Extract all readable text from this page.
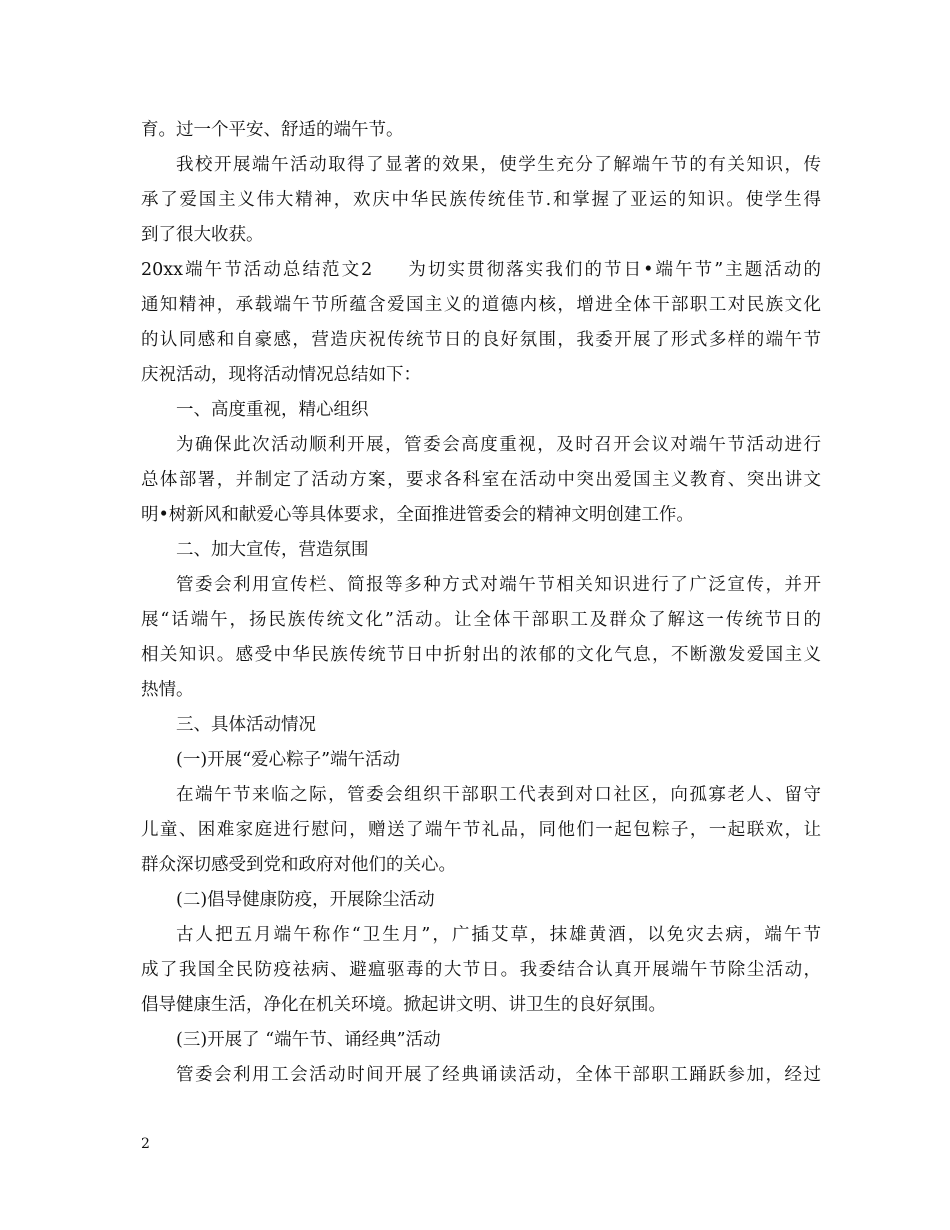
育。过一个平安、舒适的端午节。
我校开展端午活动取得了显著的效果，使学生充分了解端午节的有关知识，传
承了爱国主义伟大精神，欢庆中华民族传统佳节.和掌握了亚运的知识。使学生得
到了很大收获。
20xx端午节活动总结范文2 为切实贯彻落实我们的节日•端午节”主题活动的
通知精神，承载端午节所蕴含爱国主义的道德内核，增进全体干部职工对民族文化
的认同感和自豪感，营造庆祝传统节日的良好氛围，我委开展了形式多样的端午节
庆祝活动，现将活动情况总结如下：
一、高度重视，精心组织
为确保此次活动顺利开展，管委会高度重视，及时召开会议对端午节活动进行
总体部署，并制定了活动方案，要求各科室在活动中突出爱国主义教育、突出讲文
明•树新风和献爱心等具体要求，全面推进管委会的精神文明创建工作。
二、加大宣传，营造氛围
管委会利用宣传栏、简报等多种方式对端午节相关知识进行了广泛宣传，并开
展“话端午，扬民族传统文化”活动。让全体干部职工及群众了解这一传统节日的
相关知识。感受中华民族传统节日中折射出的浓郁的文化气息，不断激发爱国主义
热情。
三、具体活动情况
(一)开展“爱心粽子”端午活动
在端午节来临之际，管委会组织干部职工代表到对口社区，向孤寡老人、留守
儿童、困难家庭进行慰问，赠送了端午节礼品，同他们一起包粽子，一起联欢，让
群众深切感受到党和政府对他们的关心。
(二)倡导健康防疫，开展除尘活动
古人把五月端午称作“卫生月”，广插艾草，抹雄黄酒，以免灾去病，端午节
成了我国全民防疫祛病、避瘟驱毒的大节日。我委结合认真开展端午节除尘活动，
倡导健康生活，净化在机关环境。掀起讲文明、讲卫生的良好氛围。
(三)开展了 “端午节、诵经典”活动
管委会利用工会活动时间开展了经典诵读活动，全体干部职工踊跃参加，经过
2
